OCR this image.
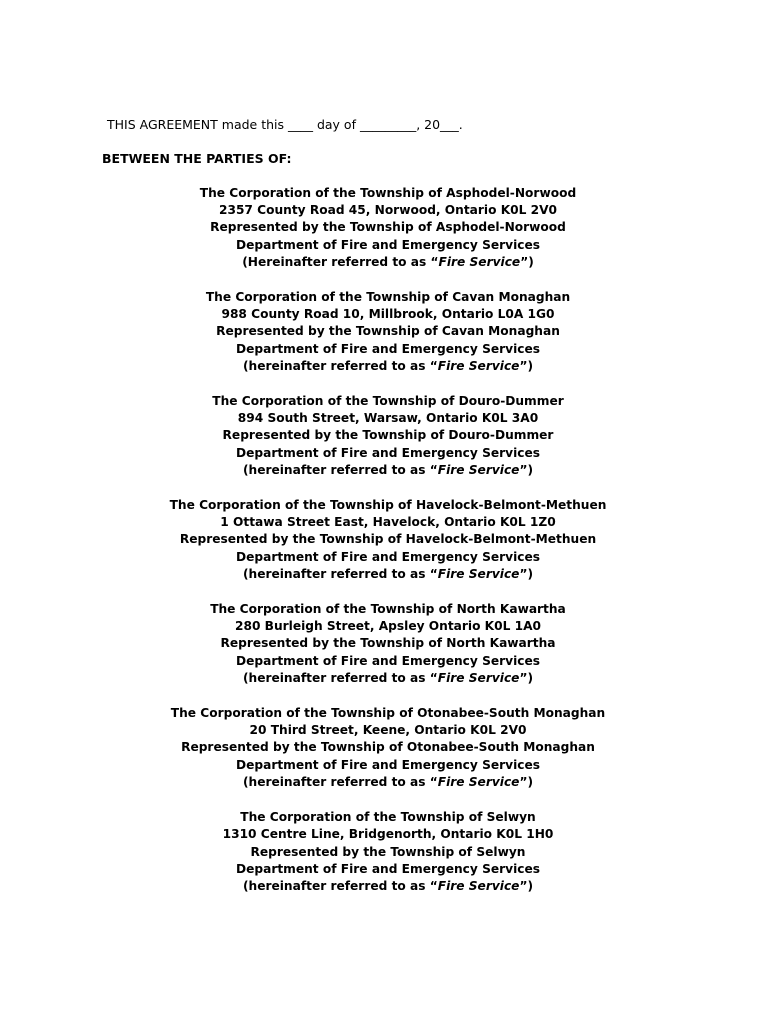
THIS AGREEMENT made this ____ day of _________, 20___.
BETWEEN THE PARTIES OF:
The Corporation of the Township of Asphodel-Norwood
2357 County Road 45, Norwood, Ontario K0L 2V0
Represented by the Township of Asphodel-Norwood
Department of Fire and Emergency Services
(Hereinafter referred to as “Fire Service”)
The Corporation of the Township of Cavan Monaghan
988 County Road 10, Millbrook, Ontario L0A 1G0
Represented by the Township of Cavan Monaghan
Department of Fire and Emergency Services
(hereinafter referred to as “Fire Service”)
The Corporation of the Township of Douro-Dummer
894 South Street, Warsaw, Ontario K0L 3A0
Represented by the Township of Douro-Dummer
Department of Fire and Emergency Services
(hereinafter referred to as “Fire Service”)
The Corporation of the Township of Havelock-Belmont-Methuen
1 Ottawa Street East, Havelock, Ontario K0L 1Z0
Represented by the Township of Havelock-Belmont-Methuen
Department of Fire and Emergency Services
(hereinafter referred to as “Fire Service”)
The Corporation of the Township of North Kawartha
280 Burleigh Street, Apsley Ontario K0L 1A0
Represented by the Township of North Kawartha
Department of Fire and Emergency Services
(hereinafter referred to as “Fire Service”)
The Corporation of the Township of Otonabee-South Monaghan
20 Third Street, Keene, Ontario K0L 2V0
Represented by the Township of Otonabee-South Monaghan
Department of Fire and Emergency Services
(hereinafter referred to as “Fire Service”)
The Corporation of the Township of Selwyn
1310 Centre Line, Bridgenorth, Ontario K0L 1H0
Represented by the Township of Selwyn
Department of Fire and Emergency Services
(hereinafter referred to as “Fire Service”)
